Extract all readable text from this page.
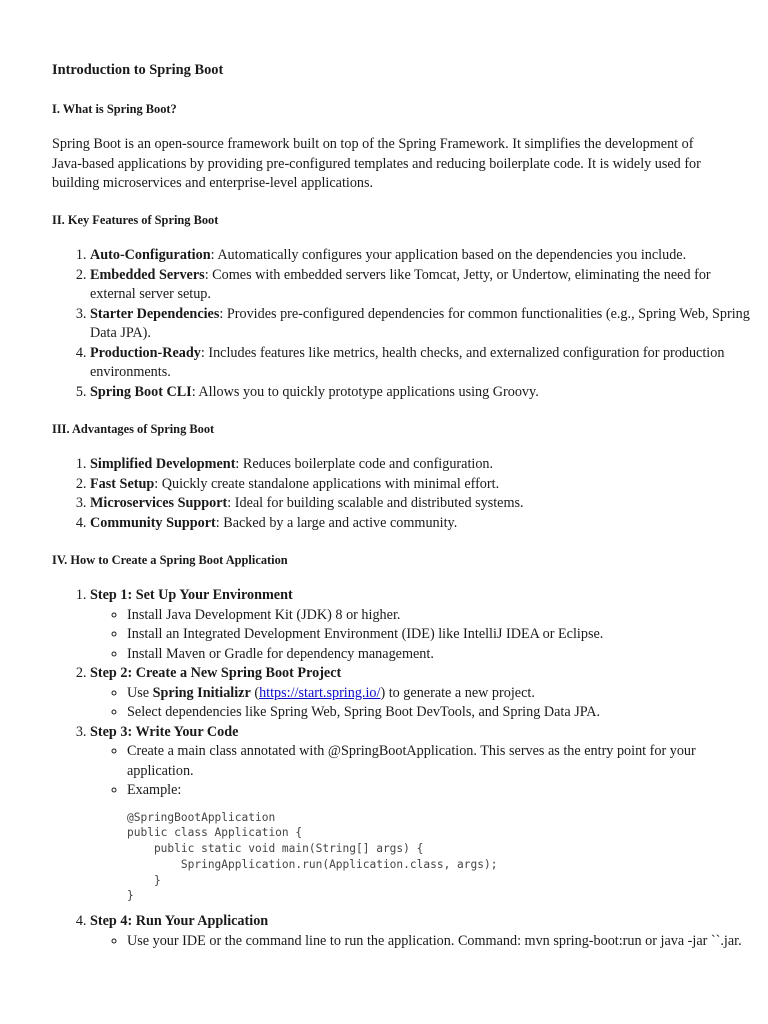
Introduction to Spring Boot
I. What is Spring Boot?

Spring Boot is an open-source framework built on top of the Spring Framework. It simplifies the development of Java-based applications by providing pre-configured templates and reducing boilerplate code. It is widely used for building microservices and enterprise-level applications.

II. Key Features of Spring Boot
1. Auto-Configuration: Automatically configures your application based on the dependencies you include.
2. Embedded Servers: Comes with embedded servers like Tomcat, Jetty, or Undertow, eliminating the need for external server setup.
3. Starter Dependencies: Provides pre-configured dependencies for common functionalities (e.g., Spring Web, Spring Data JPA).
4. Production-Ready: Includes features like metrics, health checks, and externalized configuration for production environments.
5. Spring Boot CLI: Allows you to quickly prototype applications using Groovy.
III. Advantages of Spring Boot
1. Simplified Development: Reduces boilerplate code and configuration.
2. Fast Setup: Quickly create standalone applications with minimal effort.
3. Microservices Support: Ideal for building scalable and distributed systems.
4. Community Support: Backed by a large and active community.
IV. How to Create a Spring Boot Application
1. Step 1: Set Up Your Environment
◦ Install Java Development Kit (JDK) 8 or higher.
◦ Install an Integrated Development Environment (IDE) like IntelliJ IDEA or Eclipse.
◦ Install Maven or Gradle for dependency management.
2. Step 2: Create a New Spring Boot Project
◦ Use Spring Initializr (https://start.spring.io/) to generate a new project.
◦ Select dependencies like Spring Web, Spring Boot DevTools, and Spring Data JPA.
3. Step 3: Write Your Code
◦ Create a main class annotated with @SpringBootApplication. This serves as the entry point for your application.
◦ Example:
@SpringBootApplication
public class Application {
public static void main(String[] args) {
SpringApplication.run(Application.class, args);
}
}
4. Step 4: Run Your Application
◦ Use your IDE or the command line to run the application. Command: mvn spring-boot:run or java -jar ``.jar.
